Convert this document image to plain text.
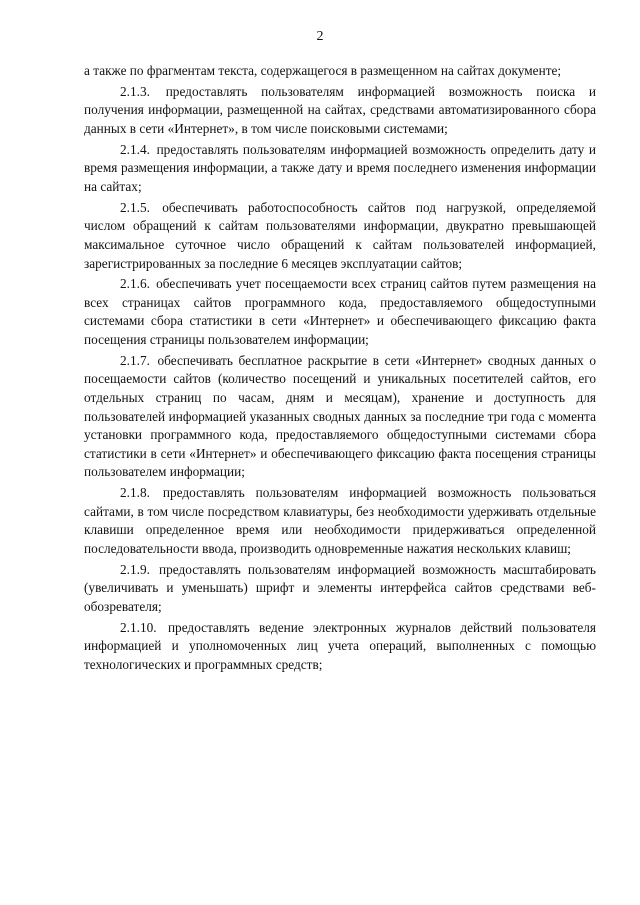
2

а также по фрагментам текста, содержащегося в размещенном на сайтах документе;

2.1.3. предоставлять пользователям информацией возможность поиска и получения информации, размещенной на сайтах, средствами автоматизированного сбора данных в сети «Интернет», в том числе поисковыми системами;

2.1.4. предоставлять пользователям информацией возможность определить дату и время размещения информации, а также дату и время последнего изменения информации на сайтах;

2.1.5. обеспечивать работоспособность сайтов под нагрузкой, определяемой числом обращений к сайтам пользователями информации, двукратно превышающей максимальное суточное число обращений к сайтам пользователей информацией, зарегистрированных за последние 6 месяцев эксплуатации сайтов;

2.1.6. обеспечивать учет посещаемости всех страниц сайтов путем размещения на всех страницах сайтов программного кода, предоставляемого общедоступными системами сбора статистики в сети «Интернет» и обеспечивающего фиксацию факта посещения страницы пользователем информации;

2.1.7. обеспечивать бесплатное раскрытие в сети «Интернет» сводных данных о посещаемости сайтов (количество посещений и уникальных посетителей сайтов, его отдельных страниц по часам, дням и месяцам), хранение и доступность для пользователей информацией указанных сводных данных за последние три года с момента установки программного кода, предоставляемого общедоступными системами сбора статистики в сети «Интернет» и обеспечивающего фиксацию факта посещения страницы пользователем информации;

2.1.8. предоставлять пользователям информацией возможность пользоваться сайтами, в том числе посредством клавиатуры, без необходимости удерживать отдельные клавиши определенное время или необходимости придерживаться определенной последовательности ввода, производить одновременные нажатия нескольких клавиш;

2.1.9. предоставлять пользователям информацией возможность масштабировать (увеличивать и уменьшать) шрифт и элементы интерфейса сайтов средствами веб-обозревателя;

2.1.10. предоставлять ведение электронных журналов действий пользователя информацией и уполномоченных лиц учета операций, выполненных с помощью технологических и программных средств;
